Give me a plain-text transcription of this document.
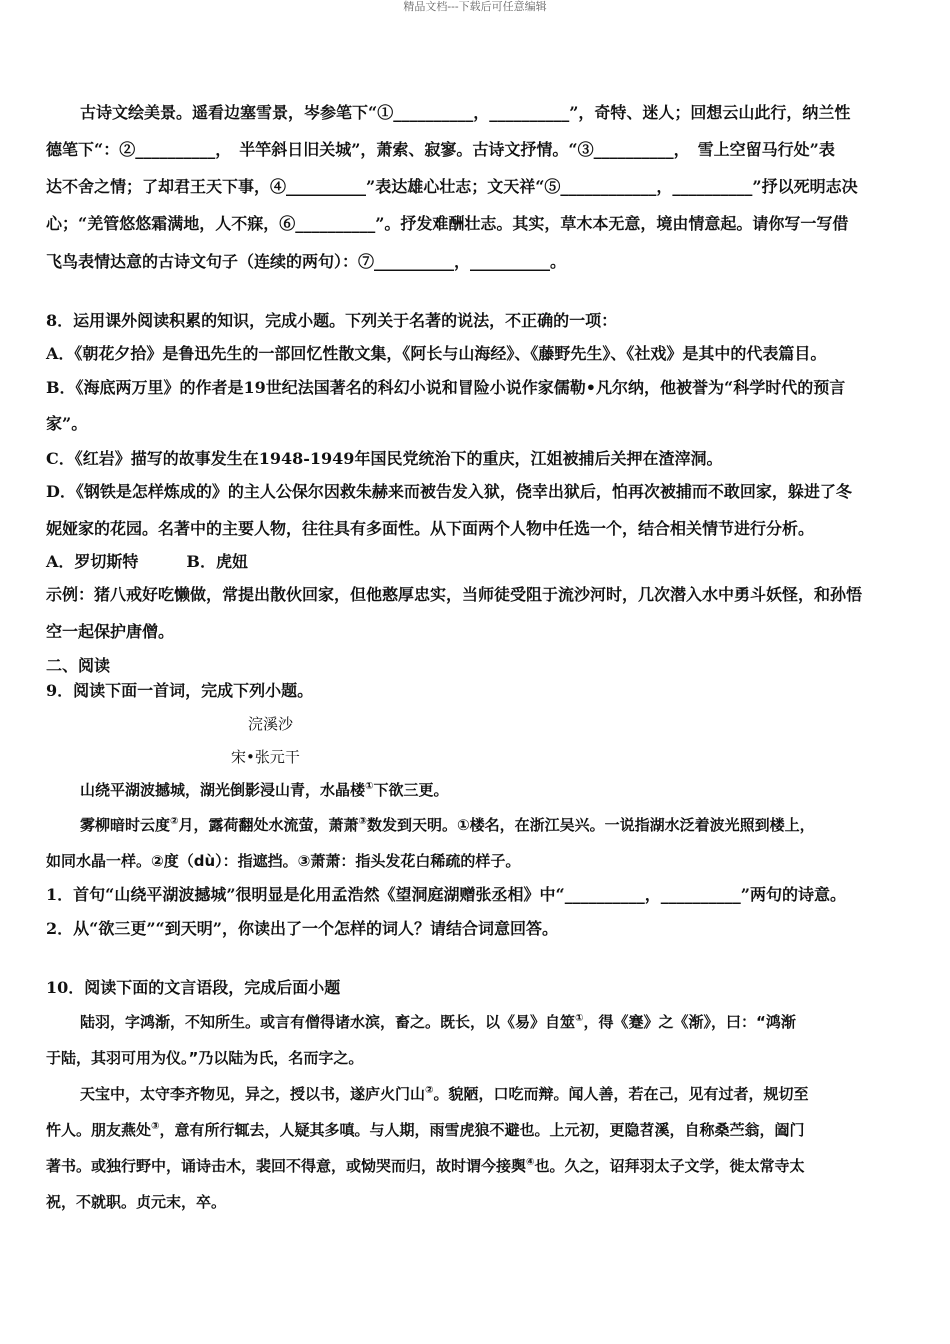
精品文档---下载后可任意编辑
古诗文绘美景。遥看边塞雪景，岑参笔下“①__________，__________”，奇特、迷人；回想云山此行，纳兰性
德笔下“：②__________，　半竿斜日旧关城”，萧索、寂寥。古诗文抒情。“③__________，　雪上空留马行处”表
达不舍之情；了却君王天下事，④__________”表达雄心壮志；文天祥“⑤____________，__________”抒以死明志决
心；“羌管悠悠霜满地，人不寐，⑥__________”。抒发难酬壮志。其实，草木本无意，境由情意起。请你写一写借
飞鸟表情达意的古诗文句子（连续的两句）：⑦__________，__________。
8．运用课外阅读积累的知识，完成小题。下列关于名著的说法，不正确的一项：
A．《朝花夕拾》是鲁迅先生的一部回忆性散文集，《阿长与山海经》、《藤野先生》、《社戏》是其中的代表篇目。
B．《海底两万里》的作者是19世纪法国著名的科幻小说和冒险小说作家儒勒•凡尔纳，他被誉为“科学时代的预言
家”。
C．《红岩》描写的故事发生在1948-1949年国民党统治下的重庆，江姐被捕后关押在渣滓洞。
D．《钢铁是怎样炼成的》的主人公保尔因救朱赫来而被告发入狱，侥幸出狱后，怕再次被捕而不敢回家，躲进了冬
妮娅家的花园。名著中的主要人物，往往具有多面性。从下面两个人物中任选一个，结合相关情节进行分析。
A．罗切斯特　　　B．虎妞
示例：猪八戒好吃懒做，常提出散伙回家，但他憨厚忠实，当师徒受阻于流沙河时，几次潜入水中勇斗妖怪，和孙悟
空一起保护唐僧。
二、阅读
9．阅读下面一首词，完成下列小题。
浣溪沙
宋•张元干
山绕平湖波撼城，湖光倒影浸山青，水晶楼①下欲三更。
雾柳暗时云度②月，露荷翻处水流萤，萧萧③数发到天明。①楼名，在浙江吴兴。一说指湖水泛着波光照到楼上，
如同水晶一样。②度（dù）：指遮挡。③萧萧：指头发花白稀疏的样子。
1．首句“山绕平湖波撼城”很明显是化用孟浩然《望洞庭湖赠张丞相》中“__________，__________”两句的诗意。
2．从“欲三更”“到天明”，你读出了一个怎样的词人？请结合词意回答。
10．阅读下面的文言语段，完成后面小题
陆羽，字鸿渐，不知所生。或言有僧得诸水滨，畜之。既长，以《易》自筮①，得《蹇》之《渐》，曰：“鸿渐
于陆，其羽可用为仪。”乃以陆为氏，名而字之。
天宝中，太守李齐物见，异之，授以书，遂庐火门山②。貌陋，口吃而辩。闻人善，若在己，见有过者，规切至
忤人。朋友燕处③，意有所行辄去，人疑其多嗔。与人期，雨雪虎狼不避也。上元初，更隐苕溪，自称桑苎翁，阖门
著书。或独行野中，诵诗击木，裴回不得意，或恸哭而归，故时谓今接舆④也。久之，诏拜羽太子文学，徙太常寺太
祝，不就职。贞元末，卒。
